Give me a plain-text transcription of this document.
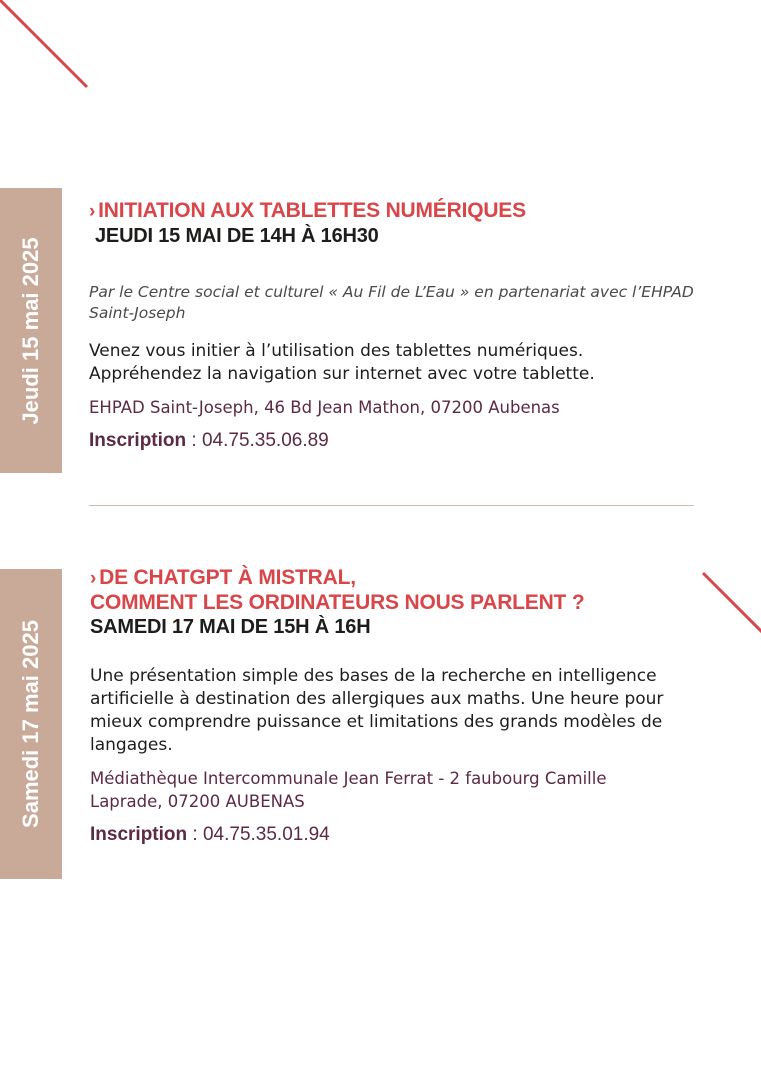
Jeudi 15 mai 2025
› INITIATION AUX TABLETTES NUMÉRIQUES
JEUDI 15 MAI DE 14H À 16H30
Par le Centre social et culturel « Au Fil de L’Eau » en partenariat avec l’EHPAD Saint-Joseph
Venez vous initier à l’utilisation des tablettes numériques. Appréhendez la navigation sur internet avec votre tablette.
EHPAD Saint-Joseph, 46 Bd Jean Mathon, 07200 Aubenas
Inscription : 04.75.35.06.89
Samedi 17 mai 2025
› DE CHATGPT À MISTRAL,
COMMENT LES ORDINATEURS NOUS PARLENT ?
SAMEDI 17 MAI DE 15H À 16H
Une présentation simple des bases de la recherche en intelligence artificielle à destination des allergiques aux maths. Une heure pour mieux comprendre puissance et limitations des grands modèles de langages.
Médiathèque Intercommunale Jean Ferrat - 2 faubourg Camille Laprade, 07200 AUBENAS
Inscription : 04.75.35.01.94
